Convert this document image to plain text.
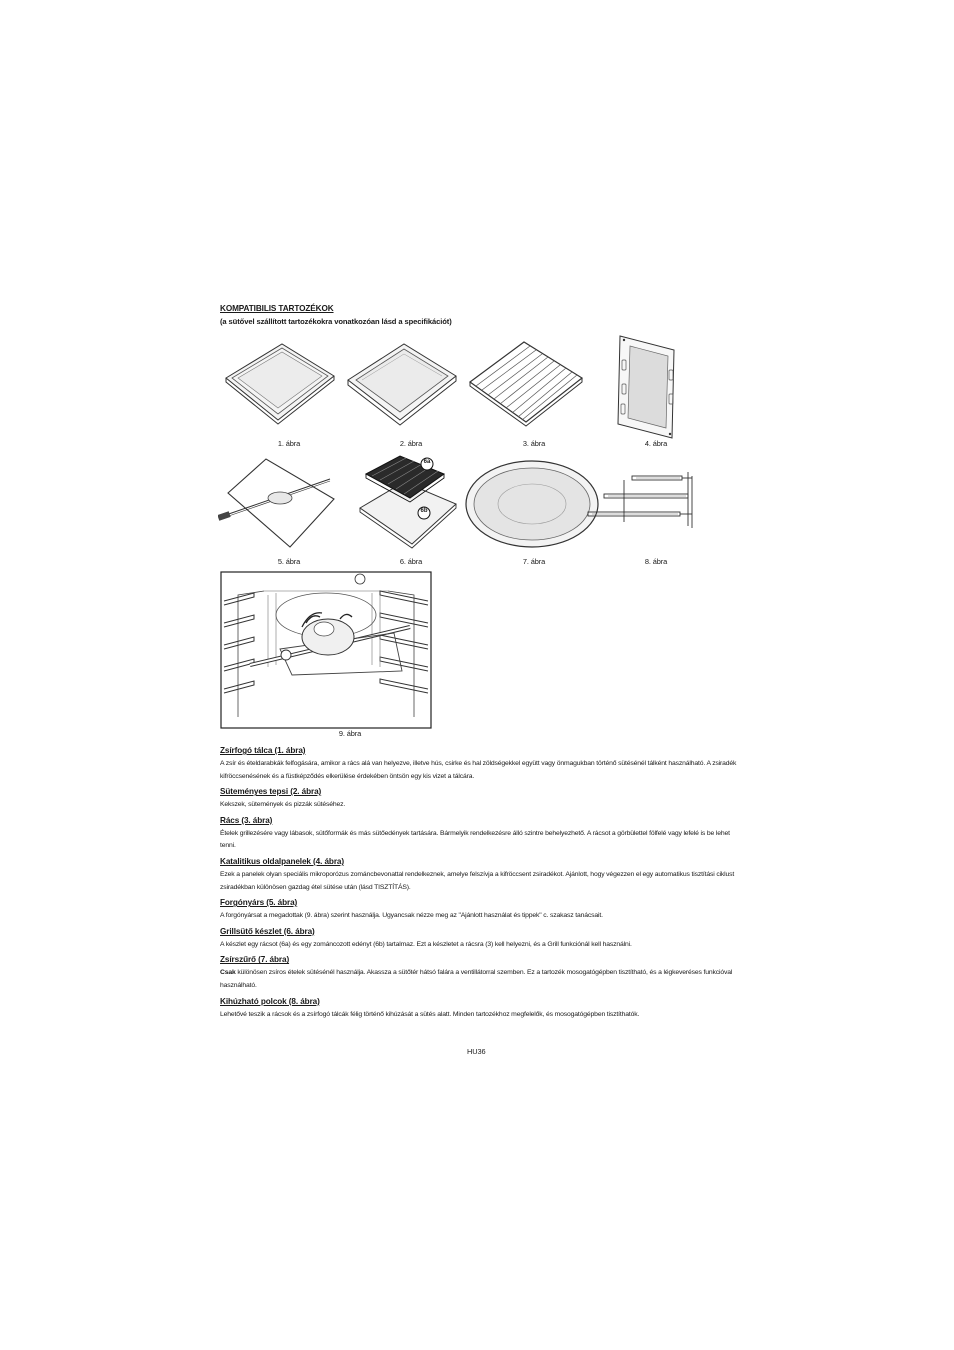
KOMPATIBILIS TARTOZÉKOK
(a sütővel szállított tartozékokra vonatkozóan lásd a specifikációt)
1. ábra	2. ábra	3. ábra	4. ábra
5. ábra
6a
6b
6. ábra	7. ábra	8. ábra
9. ábra

Zsírfogó tálca (1. ábra)

A zsír és ételdarabkák felfogására, amikor a rács alá van helyezve, illetve hús, csirke és hal zöldségekkel együtt vagy önmagukban történő sütésénél tálként használható. A zsiradék kifröccsenésének és a füstképződés elkerülése érdekében öntsön egy kis vizet a tálcára.

Süteményes tepsi (2. ábra)

Kekszek, sütemények és pizzák sütéséhez.

Rács (3. ábra)

Ételek grillezésére vagy lábasok, sütőformák és más sütőedények tartására. Bármelyik rendelkezésre álló szintre behelyezhető. A rácsot a görbülettel fölfelé vagy lefelé is be lehet tenni.

Katalitikus oldalpanelek (4. ábra)

Ezek a panelek olyan speciális mikroporózus zománcbevonattal rendelkeznek, amelye felszívja a kifröccsent zsiradékot. Ajánlott, hogy végezzen el egy automatikus tisztítási ciklust zsiradékban különösen gazdag étel sütése után (lásd TISZTÍTÁS).

Forgónyárs (5. ábra)

A forgónyársat a megadottak (9. ábra) szerint használja. Ugyancsak nézze meg az "Ajánlott használat és tippek" c. szakasz tanácsait.

Grillsütő készlet (6. ábra)

A készlet egy rácsot (6a) és egy zománcozott edényt (6b) tartalmaz. Ezt a készletet a rácsra (3) kell helyezni, és a Grill funkciónál kell használni.

Zsírszűrő (7. ábra)

Csak különösen zsíros ételek sütésénél használja. Akassza a sütőtér hátsó falára a ventillátorral szemben. Ez a tartozék mosogatógépben tisztítható, és a légkeveréses funkcióval használható.

Kihúzható polcok (8. ábra)

Lehetővé teszik a rácsok és a zsírfogó tálcák félig történő kihúzását a sütés alatt. Minden tartozékhoz megfelelők, és mosogatógépben tisztíthatók.

HU36
